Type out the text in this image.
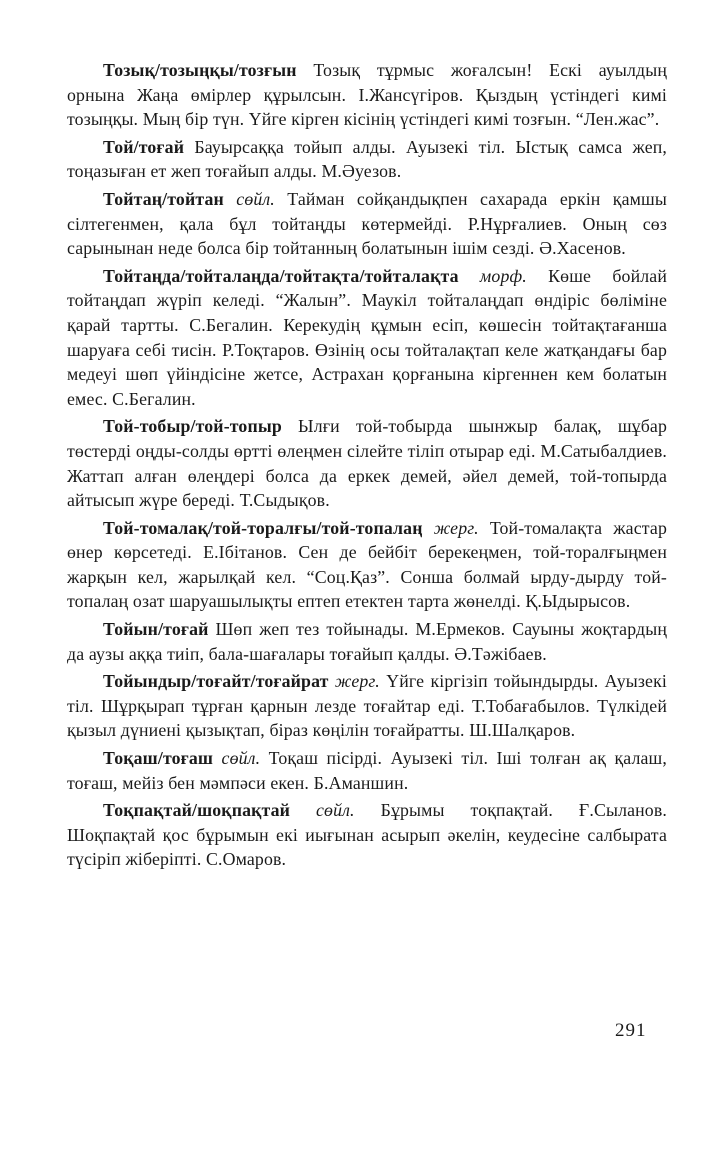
Тозық/тозыңқы/тозғын Тозық тұрмыс жоғалсын! Ескі ауылдың орнына Жаңа өмірлер құрылсын. І.Жансүгіров. Қыздың үстіндегі кимі тозыңқы. Мың бір түн. Үйге кірген кісінің үстіндегі кимі тозғын. “Лен.жас”.

Той/тоғай Бауырсаққа тойып алды. Ауызекі тіл. Ыстық самса жеп, тоңазыған ет жеп тоғайып алды. М.Әуезов.

Тойтаң/тойтан сөйл. Тайман сойқандықпен сахарада еркін қамшы сілтегенмен, қала бұл тойтаңды көтермейді. Р.Нұрғалиев. Оның сөз сарынынан неде болса бір тойтанның болатынын ішім сезді. Ә.Хасенов.

Тойтаңда/тойталаңда/тойтақта/тойталақта морф. Көше бойлай тойтаңдап жүріп келеді. “Жалын”. Маукіл тойталаңдап өндіріс бөліміне қарай тартты. С.Бегалин. Керекудің құмын есіп, көшесін тойтақтағанша шаруаға себі тисін. Р.Тоқтаров. Өзінің осы тойталақтап келе жатқандағы бар медеуі шөп үйіндісіне жетсе, Астрахан қорғанына кіргеннен кем болатын емес. С.Бегалин.

Той-тобыр/той-топыр Ылғи той-тобырда шынжыр балақ, шұбар төстерді оңды-солды өртті өлеңмен сілейте тіліп отырар еді. М.Сатыбалдиев. Жаттап алған өлеңдері болса да еркек демей, әйел демей, той-топырда айтысып жүре береді. Т.Сыдықов.

Той-томалақ/той-торалғы/той-топалаң жерг. Той-томалақта жастар өнер көрсетеді. Е.Ібітанов. Сен де бейбіт берекеңмен, той-торалғыңмен жарқын кел, жарылқай кел. “Соц.Қаз”. Сонша болмай ырду-дырду той-топалаң озат шаруашылықты ептеп етектен тарта жөнелді. Қ.Ыдырысов.

Тойын/тоғай Шөп жеп тез тойынады. М.Ермеков. Сауыны жоқтардың да аузы аққа тиіп, бала-шағалары тоғайып қалды. Ә.Тәжібаев.

Тойындыр/тоғайт/тоғайрат жерг. Үйге кіргізіп тойындырды. Ауызекі тіл. Шұрқырап тұрған қарнын лезде тоғайтар еді. Т.Тобағабылов. Түлкідей қызыл дүниені қызықтап, біраз көңілін тоғайратты. Ш.Шалқаров.

Тоқаш/тоғаш сөйл. Тоқаш пісірді. Ауызекі тіл. Іші толған ақ қалаш, тоғаш, мейіз бен мәмпәси екен. Б.Аманшин.

Тоқпақтай/шоқпақтай сөйл. Бұрымы тоқпақтай. Ғ.Сыланов. Шоқпақтай қос бұрымын екі иығынан асырып әкелін, кеудесіне салбырата түсіріп жіберіпті. С.Омаров.

291
